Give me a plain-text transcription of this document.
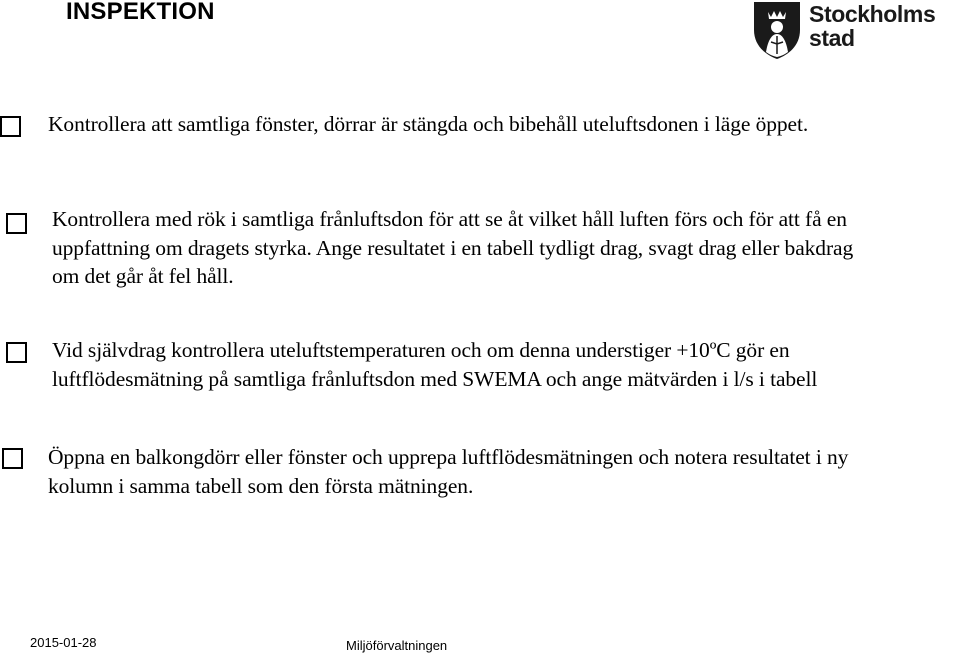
INSPEKTION	Stockholms
stad
Kontrollera att samtliga fönster, dörrar är stängda och bibehåll uteluftsdonen i läge öppet.
Kontrollera med rök i samtliga frånluftsdon för att se åt vilket håll luften förs och för att få en
uppfattning om dragets styrka. Ange resultatet i en tabell tydligt drag, svagt drag eller bakdrag
om det går åt fel håll.
Vid självdrag kontrollera uteluftstemperaturen och om denna understiger +10ºC gör en
luftflödesmätning på samtliga frånluftsdon med SWEMA och ange mätvärden i l/s i tabell
Öppna en balkongdörr eller fönster och upprepa luftflödesmätningen och notera resultatet i ny
kolumn i samma tabell som den första mätningen.
2015-01-28	Miljöförvaltningen
